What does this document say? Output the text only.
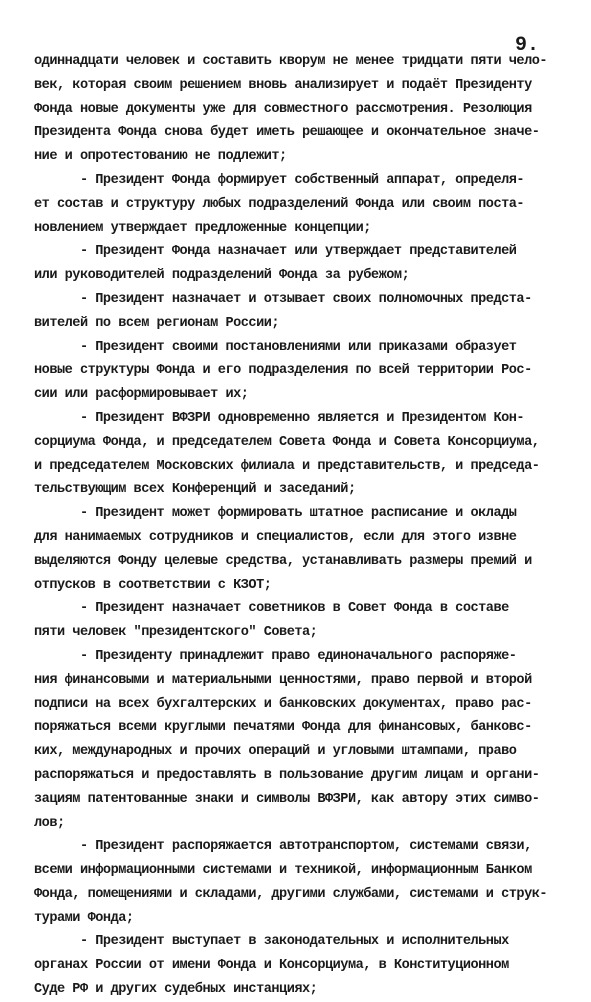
9.
одиннадцати человек и составить кворум не менее тридцати пяти чело-
век, которая своим решением вновь анализирует и подаёт Президенту
Фонда новые документы уже для совместного рассмотрения. Резолюция
Президента Фонда снова будет иметь решающее и окончательное значе-
ние и опротестованию не подлежит;
- Президент Фонда формирует собственный аппарат, определя-
ет состав и структуру любых подразделений Фонда или своим поста-
новлением утверждает предложенные концепции;
- Президент Фонда назначает или утверждает представителей
или руководителей подразделений Фонда за рубежом;
- Президент назначает и отзывает своих полномочных предста-
вителей по всем регионам России;
- Президент своими постановлениями или приказами образует
новые структуры Фонда и его подразделения по всей территории Рос-
сии или расформировывает их;
- Президент ВФЗРИ одновременно является и Президентом Кон-
сорциума Фонда, и председателем Совета Фонда и Совета Консорциума,
и председателем Московских филиала и представительств, и председа-
тельствующим всех Конференций и заседаний;
- Президент может формировать штатное расписание и оклады
для нанимаемых сотрудников и специалистов, если для этого извне
выделяются Фонду целевые средства, устанавливать размеры премий и
отпусков в соответствии с КЗОТ;
- Президент назначает советников в Совет Фонда в составе
пяти человек "президентского" Совета;
- Президенту принадлежит право единоначального распоряже-
ния финансовыми и материальными ценностями, право первой и второй
подписи на всех бухгалтерских и банковских документах, право рас-
поряжаться всеми круглыми печатями Фонда для финансовых, банковс-
ких, международных и прочих операций и угловыми штампами, право
распоряжаться и предоставлять в пользование другим лицам и органи-
зациям патентованные знаки и символы ВФЗРИ, как автору этих симво-
лов;
- Президент распоряжается автотранспортом, системами связи,
всеми информационными системами и техникой, информационным Банком
Фонда, помещениями и складами, другими службами, системами и струк-
турами Фонда;
- Президент выступает в законодательных и исполнительных
органах России от имени Фонда и Консорциума, в Конституционном
Суде РФ и других судебных инстанциях;
